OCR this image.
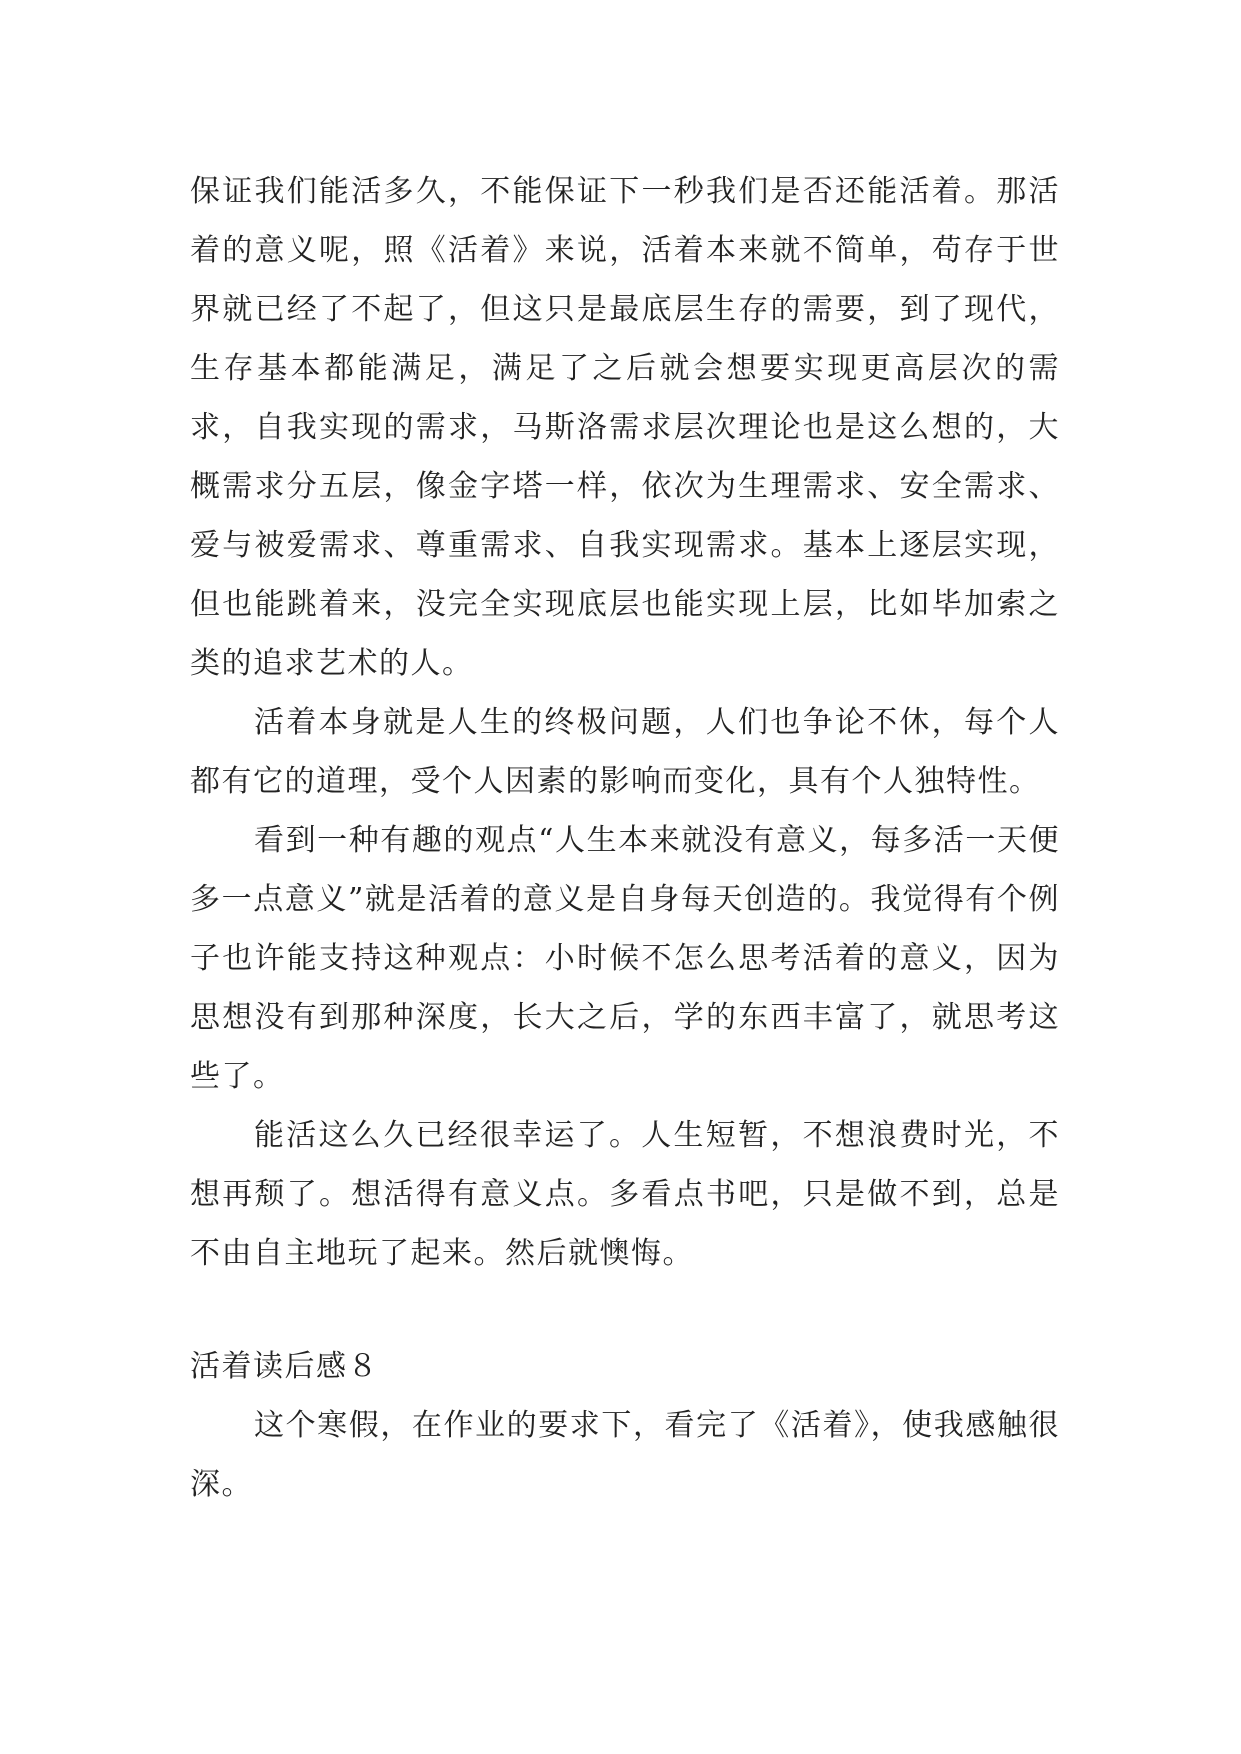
保证我们能活多久，不能保证下一秒我们是否还能活着。那活着的意义呢，照《活着》来说，活着本来就不简单，苟存于世界就已经了不起了，但这只是最底层生存的需要，到了现代，生存基本都能满足，满足了之后就会想要实现更高层次的需求，自我实现的需求，马斯洛需求层次理论也是这么想的，大概需求分五层，像金字塔一样，依次为生理需求、安全需求、爱与被爱需求、尊重需求、自我实现需求。基本上逐层实现，但也能跳着来，没完全实现底层也能实现上层，比如毕加索之类的追求艺术的人。

活着本身就是人生的终极问题，人们也争论不休，每个人都有它的道理，受个人因素的影响而变化，具有个人独特性。

看到一种有趣的观点“人生本来就没有意义，每多活一天便多一点意义”就是活着的意义是自身每天创造的。我觉得有个例子也许能支持这种观点：小时候不怎么思考活着的意义，因为思想没有到那种深度，长大之后，学的东西丰富了，就思考这些了。

能活这么久已经很幸运了。人生短暂，不想浪费时光，不想再颓了。想活得有意义点。多看点书吧，只是做不到，总是不由自主地玩了起来。然后就懊悔。

活着读后感８

这个寒假，在作业的要求下，看完了《活着》，使我感触很深。
